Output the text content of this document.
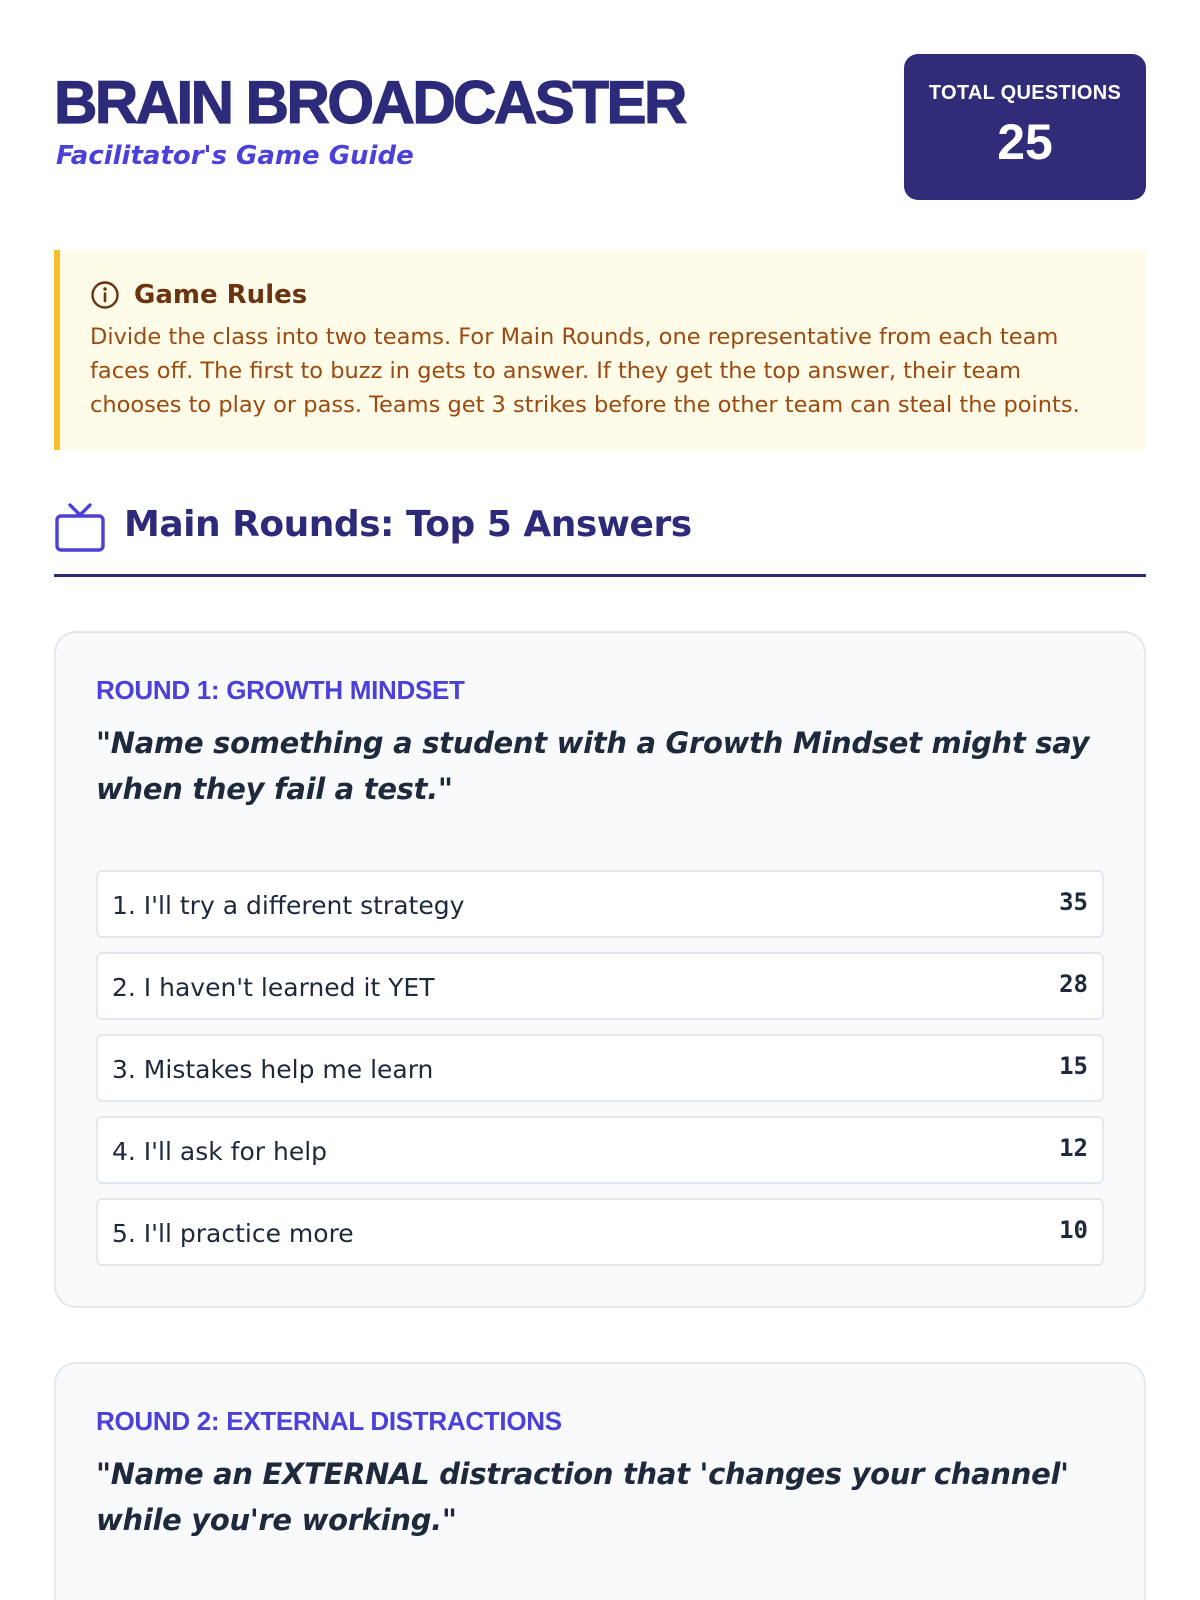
BRAIN BROADCASTER
Facilitator's Game Guide
TOTAL QUESTIONS
25
Game Rules

Divide the class into two teams. For Main Rounds, one representative from each team faces off. The first to buzz in gets to answer. If they get the top answer, their team chooses to play or pass. Teams get 3 strikes before the other team can steal the points.

Main Rounds: Top 5 Answers
ROUND 1: GROWTH MINDSET
"Name something a student with a Growth Mindset might say when they fail a test."
1. I'll try a different strategy	35
2. I haven't learned it YET	28
3. Mistakes help me learn	15
4. I'll ask for help	12
5. I'll practice more	10
ROUND 2: EXTERNAL DISTRACTIONS
"Name an EXTERNAL distraction that 'changes your channel' while you're working."
